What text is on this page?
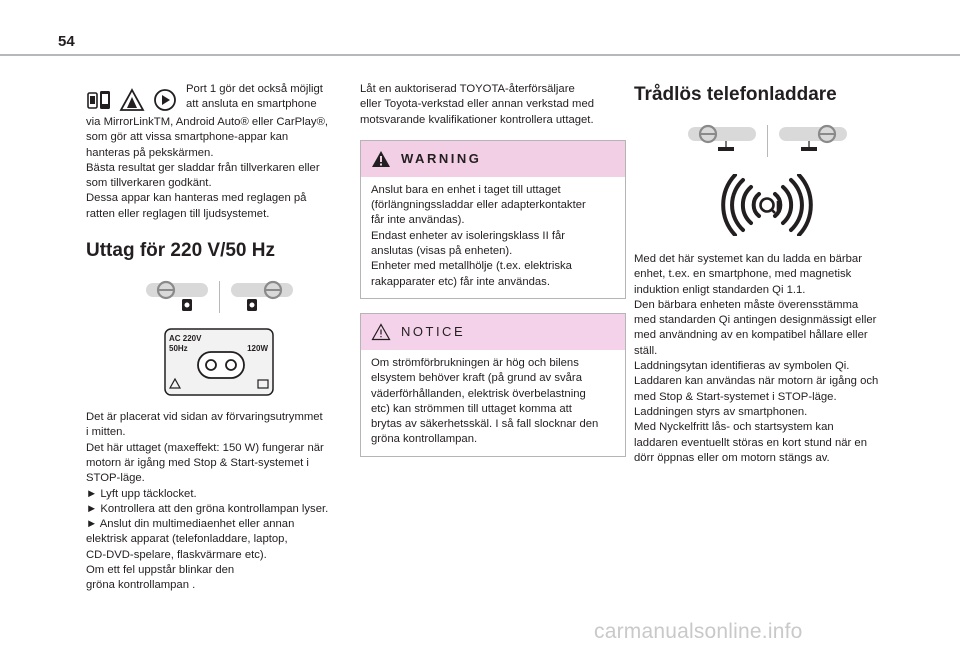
54
Port 1 gör det också möjligt
att ansluta en smartphone
via MirrorLinkTM, Android Auto® eller CarPlay®,
som gör att vissa smartphone-appar kan
hanteras på pekskärmen.
Bästa resultat ger sladdar från tillverkaren eller
som tillverkaren godkänt.
Dessa appar kan hanteras med reglagen på
ratten eller reglagen till ljudsystemet.
Uttag för 220 V/50 Hz
AC 220V
50Hz	120W
Det är placerat vid sidan av förvaringsutrymmet
i mitten.
Det här uttaget (maxeffekt: 150 W) fungerar när
motorn är igång med Stop & Start-systemet i
STOP-läge.
► Lyft upp täcklocket.
► Kontrollera att den gröna kontrollampan lyser.
► Anslut din multimediaenhet eller annan
elektrisk apparat (telefonladdare, laptop,
CD-DVD-spelare, flaskvärmare etc).
Om ett fel uppstår blinkar den
gröna kontrollampan .
Låt en auktoriserad TOYOTA-återförsäljare
eller Toyota-verkstad eller annan verkstad med
motsvarande kvalifikationer kontrollera uttaget.
WARNING
Anslut bara en enhet i taget till uttaget
(förlängningssladdar eller adapterkontakter
får inte användas).
Endast enheter av isoleringsklass II får
anslutas (visas på enheten).
Enheter med metallhölje (t.ex. elektriska
rakapparater etc) får inte användas.
NOTICE
Om strömförbrukningen är hög och bilens
elsystem behöver kraft (på grund av svåra
väderförhållanden, elektrisk överbelastning
etc) kan strömmen till uttaget komma att
brytas av säkerhetsskäl. I så fall slocknar den
gröna kontrollampan.
Trådlös telefonladdare
Med det här systemet kan du ladda en bärbar
enhet, t.ex. en smartphone, med magnetisk
induktion enligt standarden Qi 1.1.
Den bärbara enheten måste överensstämma
med standarden Qi antingen designmässigt eller
med användning av en kompatibel hållare eller
ställ.
Laddningsytan identifieras av symbolen Qi.
Laddaren kan användas när motorn är igång och
med Stop & Start-systemet i STOP-läge.
Laddningen styrs av smartphonen.
Med Nyckelfritt lås- och startsystem kan
laddaren eventuellt störas en kort stund när en
dörr öppnas eller om motorn stängs av.
carmanualsonline.info
